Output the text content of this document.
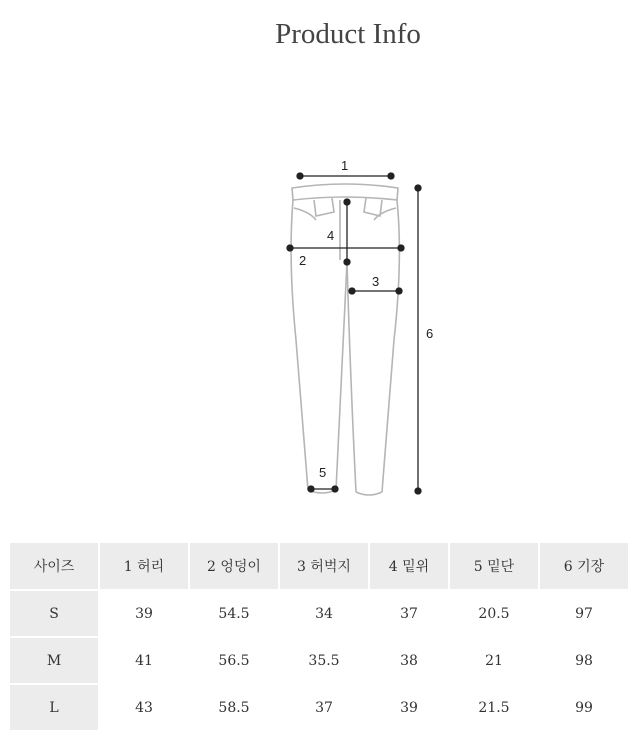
Product Info
1
2
3
4
5
6
사이즈	1 허리	2 엉덩이	3 허벅지	4 밑위	5 밑단	6 기장
S	39	54.5	34	37	20.5	97
M	41	56.5	35.5	38	21	98
L	43	58.5	37	39	21.5	99
